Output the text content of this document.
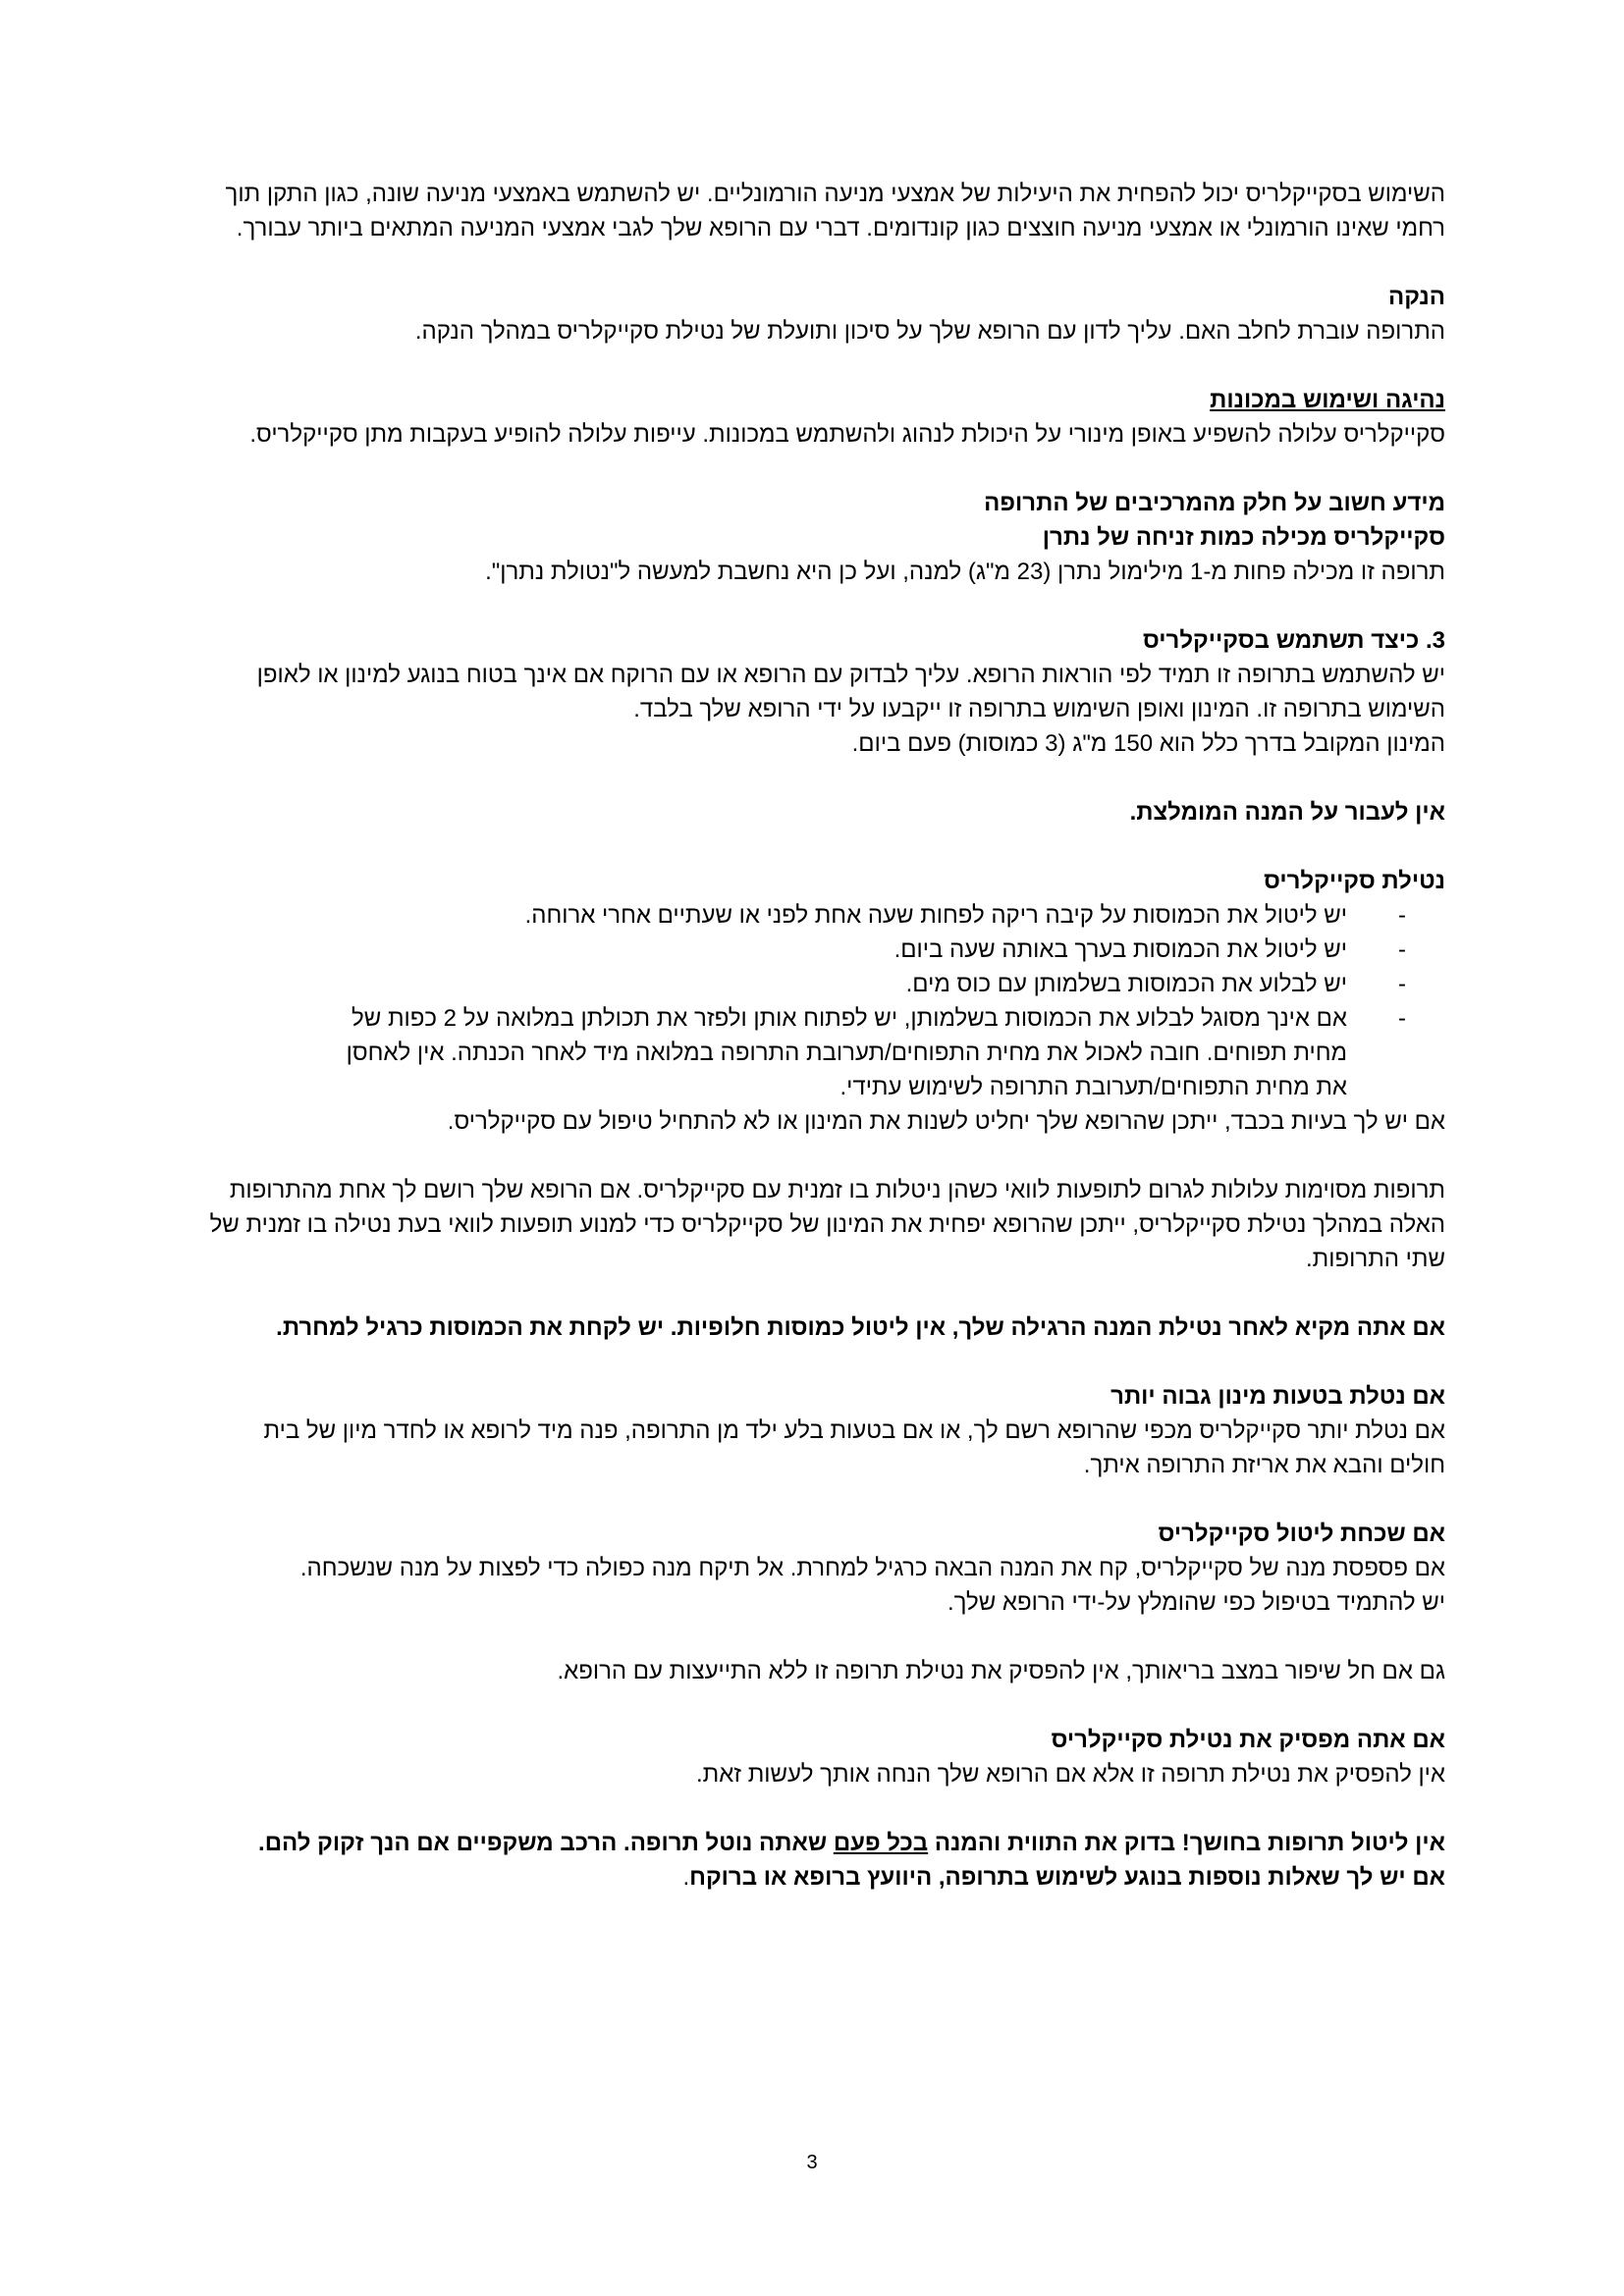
השימוש בסקייקלריס יכול להפחית את היעילות של אמצעי מניעה הורמונליים. יש להשתמש באמצעי מניעה שונה, כגון התקן תוך רחמי שאינו הורמונלי או אמצעי מניעה חוצצים כגון קונדומים. דברי עם הרופא שלך לגבי אמצעי המניעה המתאים ביותר עבורך.

הנקה

התרופה עוברת לחלב האם. עליך לדון עם הרופא שלך על סיכון ותועלת של נטילת סקייקלריס במהלך הנקה.

נהיגה ושימוש במכונות

סקייקלריס עלולה להשפיע באופן מינורי על היכולת לנהוג ולהשתמש במכונות. עייפות עלולה להופיע בעקבות מתן סקייקלריס.

מידע חשוב על חלק מהמרכיבים של התרופה

סקייקלריס מכילה כמות זניחה של נתרן

תרופה זו מכילה פחות מ-1 מילימול נתרן (23 מ"ג) למנה, ועל כן היא נחשבת למעשה ל"נטולת נתרן".

3. כיצד תשתמש בסקייקלריס

יש להשתמש בתרופה זו תמיד לפי הוראות הרופא. עליך לבדוק עם הרופא או עם הרוקח אם אינך בטוח בנוגע למינון או לאופן השימוש בתרופה זו. המינון ואופן השימוש בתרופה זו ייקבעו על ידי הרופא שלך בלבד.

המינון המקובל בדרך כלל הוא 150 מ"ג (3 כמוסות) פעם ביום.

אין לעבור על המנה המומלצת.

נטילת סקייקלריס

- יש ליטול את הכמוסות על קיבה ריקה לפחות שעה אחת לפני או שעתיים אחרי ארוחה.
- יש ליטול את הכמוסות בערך באותה שעה ביום.
- יש לבלוע את הכמוסות בשלמותן עם כוס מים.
- אם אינך מסוגל לבלוע את הכמוסות בשלמותן, יש לפתוח אותן ולפזר את תכולתן במלואה על 2 כפות של מחית תפוחים. חובה לאכול את מחית התפוחים/תערובת התרופה במלואה מיד לאחר הכנתה. אין לאחסן את מחית התפוחים/תערובת התרופה לשימוש עתידי.

אם יש לך בעיות בכבד, ייתכן שהרופא שלך יחליט לשנות את המינון או לא להתחיל טיפול עם סקייקלריס.

תרופות מסוימות עלולות לגרום לתופעות לוואי כשהן ניטלות בו זמנית עם סקייקלריס. אם הרופא שלך רושם לך אחת מהתרופות האלה במהלך נטילת סקייקלריס, ייתכן שהרופא יפחית את המינון של סקייקלריס כדי למנוע תופעות לוואי בעת נטילה בו זמנית של שתי התרופות.

אם אתה מקיא לאחר נטילת המנה הרגילה שלך, אין ליטול כמוסות חלופיות. יש לקחת את הכמוסות כרגיל למחרת.

אם נטלת בטעות מינון גבוה יותר

אם נטלת יותר סקייקלריס מכפי שהרופא רשם לך, או אם בטעות בלע ילד מן התרופה, פנה מיד לרופא או לחדר מיון של בית חולים והבא את אריזת התרופה איתך.

אם שכחת ליטול סקייקלריס

אם פספסת מנה של סקייקלריס, קח את המנה הבאה כרגיל למחרת. אל תיקח מנה כפולה כדי לפצות על מנה שנשכחה.

יש להתמיד בטיפול כפי שהומלץ על-ידי הרופא שלך.

גם אם חל שיפור במצב בריאותך, אין להפסיק את נטילת תרופה זו ללא התייעצות עם הרופא.

אם אתה מפסיק את נטילת סקייקלריס

אין להפסיק את נטילת תרופה זו אלא אם הרופא שלך הנחה אותך לעשות זאת.

אין ליטול תרופות בחושך! בדוק את התווית והמנה בכל פעם שאתה נוטל תרופה. הרכב משקפיים אם הנך זקוק להם.

אם יש לך שאלות נוספות בנוגע לשימוש בתרופה, היוועץ ברופא או ברוקח.

3
